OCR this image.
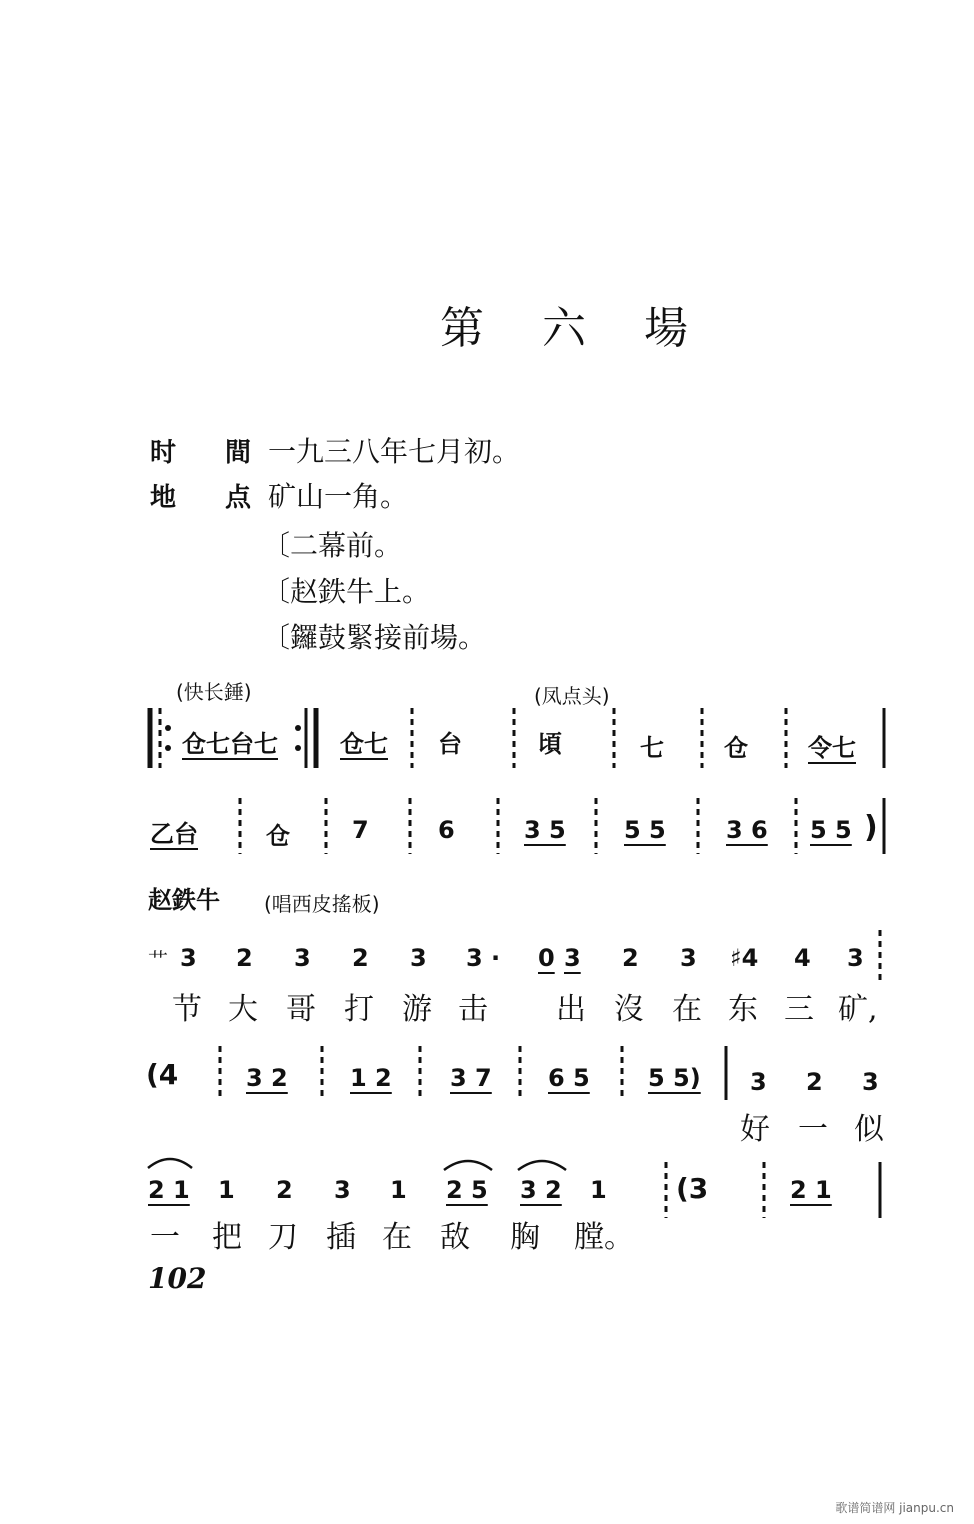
第 六 場
时 間
一九三八年七月初。
地 点
矿山一角。
〔二幕前。
〔赵鉄牛上。
〔鑼鼓緊接前場。
(快长錘)	(凤点头)
仓七台七	仓七 台	頃	七	仓	令七
乙台	仓	7	6	3 5 5 5	3 6 5 5 )
赵鉄牛 (唱西皮搖板)
艹 3 2 3 2 3 3 · 0 3 2 3 ♯4 4 3
节 大 哥 打 游 击 出 沒 在 东 三 矿,
(4	3 2	1 2 3 7 6 5 5 5) 3 2 3
好 一 似
2 1 1 2 3 1 2 5 3 2 1 (3	2 1
一 把 刀 插 在 敌 胸 膛。
102
歌谱简谱网 jianpu.cn
